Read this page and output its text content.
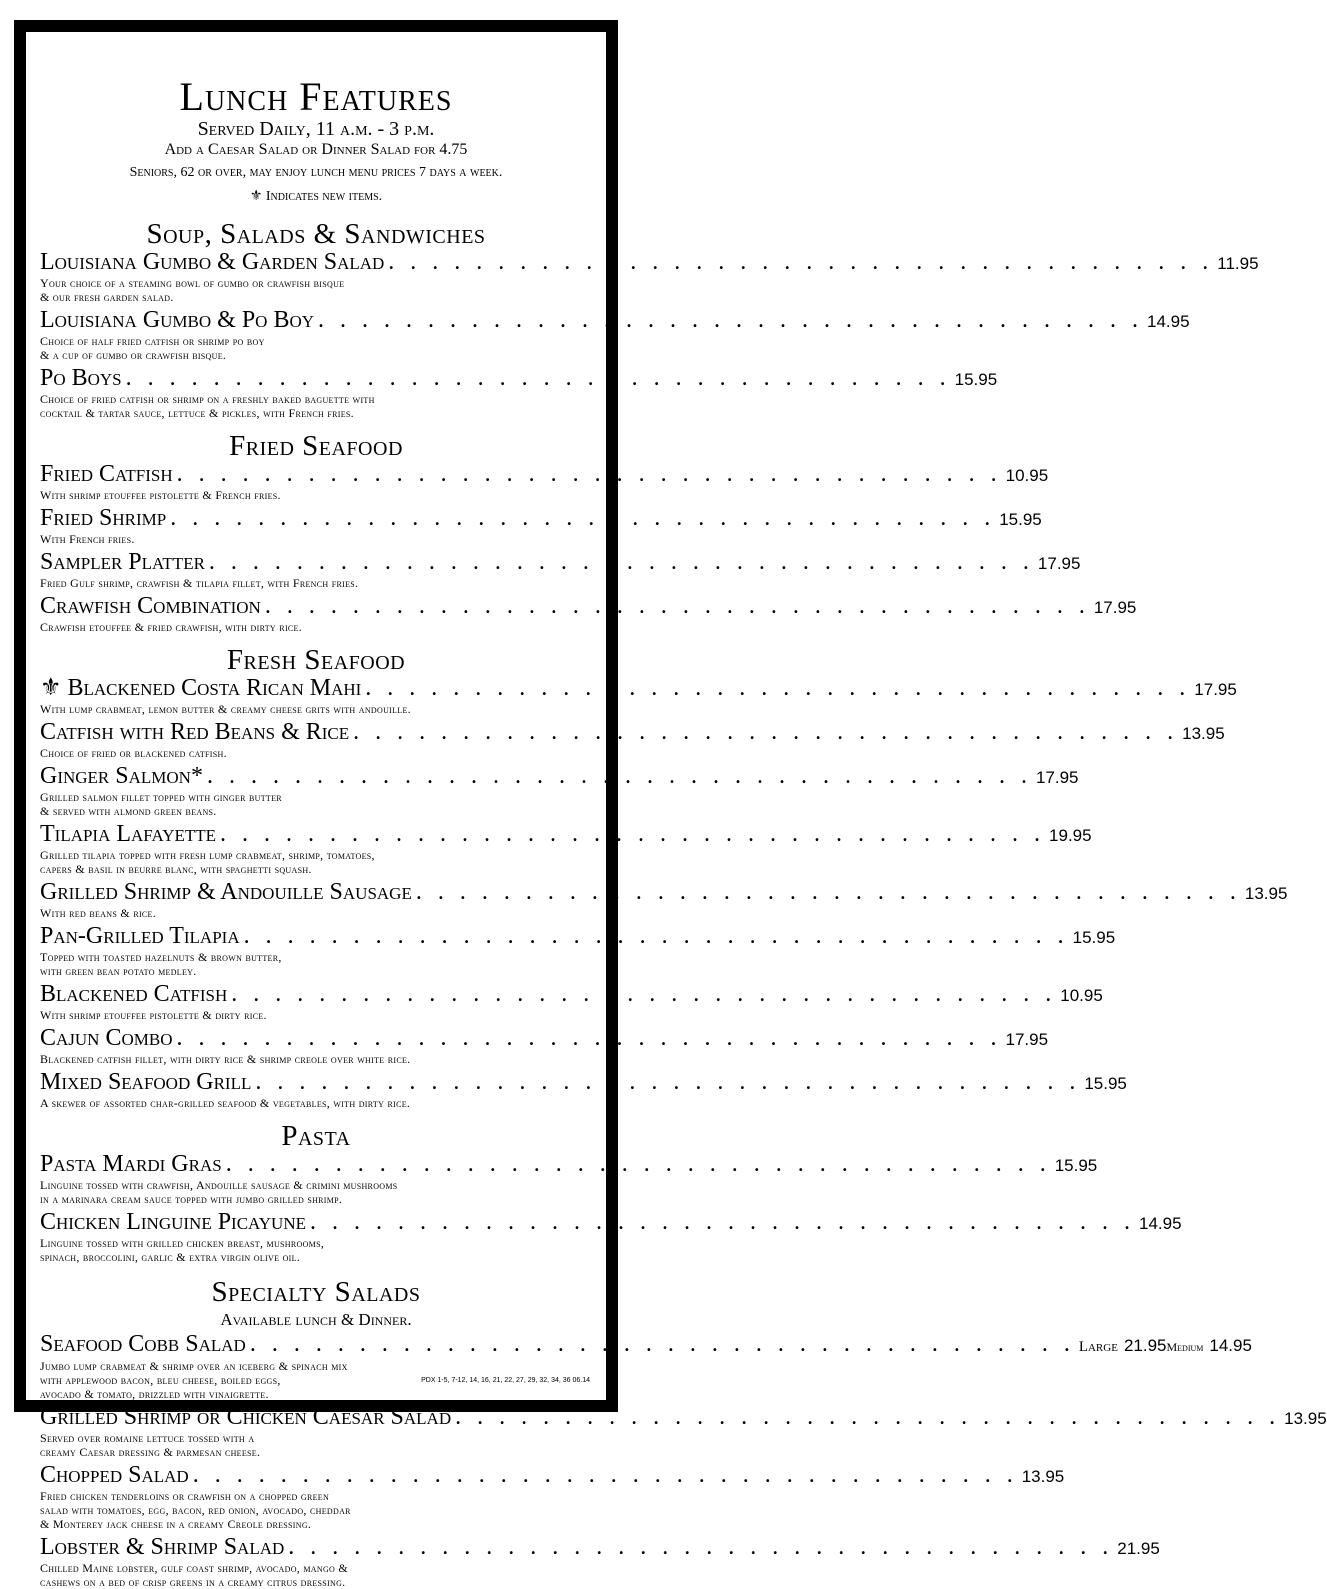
Lunch Features
Served Daily, 11 a.m. - 3 p.m.
Add a Caesar Salad or Dinner Salad for 4.75
Seniors, 62 or over, may enjoy lunch menu prices 7 days a week.
⚜ Indicates new items.
Soup, Salads & Sandwiches
Louisiana Gumbo & Garden Salad . . . . . . . . . . . . . . . . . . . . . . . . . . . . . . . . . . . . . . 11.95
Your choice of a steaming bowl of gumbo or crawfish bisque
& our fresh garden salad.
Louisiana Gumbo & Po Boy . . . . . . . . . . . . . . . . . . . . . . . . . . . . . . . . . . . . . . 14.95
Choice of half fried catfish or shrimp po boy
& a cup of gumbo or crawfish bisque.
Po Boys . . . . . . . . . . . . . . . . . . . . . . . . . . . . . . . . . . . . . . 15.95
Choice of fried catfish or shrimp on a freshly baked baguette with
cocktail & tartar sauce, lettuce & pickles, with French fries.
Fried Seafood
Fried Catfish . . . . . . . . . . . . . . . . . . . . . . . . . . . . . . . . . . . . . . 10.95
With shrimp etouffee pistolette & French fries.
Fried Shrimp . . . . . . . . . . . . . . . . . . . . . . . . . . . . . . . . . . . . . . 15.95
With French fries.
Sampler Platter . . . . . . . . . . . . . . . . . . . . . . . . . . . . . . . . . . . . . . 17.95
Fried Gulf shrimp, crawfish & tilapia fillet, with French fries.
Crawfish Combination . . . . . . . . . . . . . . . . . . . . . . . . . . . . . . . . . . . . . . 17.95
Crawfish etouffee & fried crawfish, with dirty rice.
Fresh Seafood
⚜ Blackened Costa Rican Mahi . . . . . . . . . . . . . . . . . . . . . . . . . . . . . . . . . . . . . . 17.95
With lump crabmeat, lemon butter & creamy cheese grits with andouille.
Catfish with Red Beans & Rice . . . . . . . . . . . . . . . . . . . . . . . . . . . . . . . . . . . . . . 13.95
Choice of fried or blackened catfish.
Ginger Salmon* . . . . . . . . . . . . . . . . . . . . . . . . . . . . . . . . . . . . . . 17.95
Grilled salmon fillet topped with ginger butter
& served with almond green beans.
Tilapia Lafayette . . . . . . . . . . . . . . . . . . . . . . . . . . . . . . . . . . . . . . 19.95
Grilled tilapia topped with fresh lump crabmeat, shrimp, tomatoes,
capers & basil in beurre blanc, with spaghetti squash.
Grilled Shrimp & Andouille Sausage . . . . . . . . . . . . . . . . . . . . . . . . . . . . . . . . . . . . . . 13.95
With red beans & rice.
Pan-Grilled Tilapia . . . . . . . . . . . . . . . . . . . . . . . . . . . . . . . . . . . . . . 15.95
Topped with toasted hazelnuts & brown butter,
with green bean potato medley.
Blackened Catfish . . . . . . . . . . . . . . . . . . . . . . . . . . . . . . . . . . . . . . 10.95
With shrimp etouffee pistolette & dirty rice.
Cajun Combo . . . . . . . . . . . . . . . . . . . . . . . . . . . . . . . . . . . . . . 17.95
Blackened catfish fillet, with dirty rice & shrimp creole over white rice.
Mixed Seafood Grill . . . . . . . . . . . . . . . . . . . . . . . . . . . . . . . . . . . . . . 15.95
A skewer of assorted char-grilled seafood & vegetables, with dirty rice.
Pasta
Pasta Mardi Gras . . . . . . . . . . . . . . . . . . . . . . . . . . . . . . . . . . . . . . 15.95
Linguine tossed with crawfish, Andouille sausage & crimini mushrooms
in a marinara cream sauce topped with jumbo grilled shrimp.
Chicken Linguine Picayune . . . . . . . . . . . . . . . . . . . . . . . . . . . . . . . . . . . . . . 14.95
Linguine tossed with grilled chicken breast, mushrooms,
spinach, broccolini, garlic & extra virgin olive oil.
Specialty Salads
Available lunch & Dinner.
Seafood Cobb Salad . . . . . . . . . . . . . . . . . . . . . . . . . . . . . . . . . . . . . . Large
21.95 Medium
14.95
Jumbo lump crabmeat & shrimp over an iceberg & spinach mix
with applewood bacon, bleu cheese, boiled eggs,
avocado & tomato, drizzled with vinaigrette.
Grilled Shrimp or Chicken Caesar Salad . . . . . . . . . . . . . . . . . . . . . . . . . . . . . . . . . . . . . . 13.95
Served over romaine lettuce tossed with a
creamy Caesar dressing & parmesan cheese.
Chopped Salad . . . . . . . . . . . . . . . . . . . . . . . . . . . . . . . . . . . . . . 13.95
Fried chicken tenderloins or crawfish on a chopped green
salad with tomatoes, egg, bacon, red onion, avocado, cheddar
& Monterey jack cheese in a creamy Creole dressing.
Lobster & Shrimp Salad . . . . . . . . . . . . . . . . . . . . . . . . . . . . . . . . . . . . . . 21.95
Chilled Maine lobster, gulf coast shrimp, avocado, mango &
cashews on a bed of crisp greens in a creamy citrus dressing.
PDX 1-5, 7-12, 14, 16, 21, 22, 27, 29, 32, 34, 36 06.14
